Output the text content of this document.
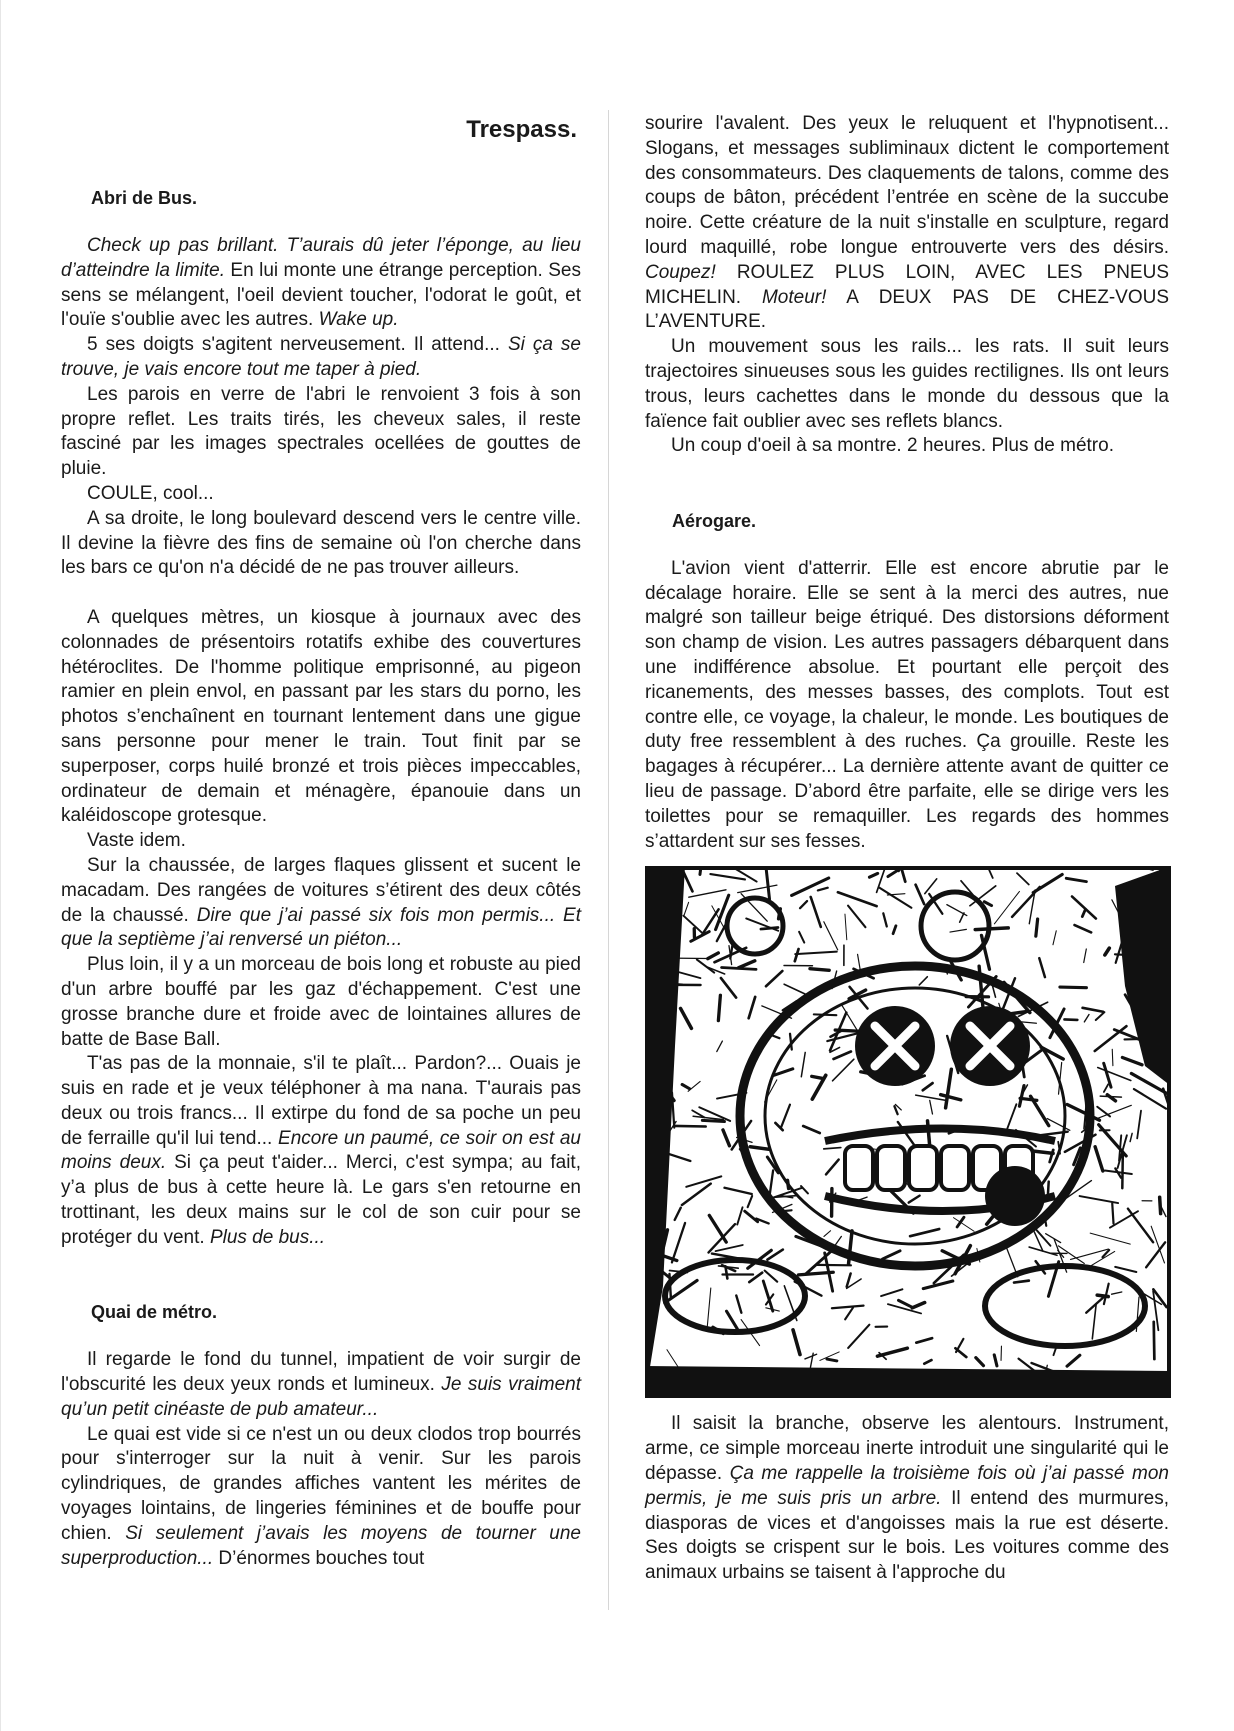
Trespass.
Abri de Bus.

Check up pas brillant. T’aurais dû jeter l’éponge, au lieu d’atteindre la limite. En lui monte une étrange perception. Ses sens se mélangent, l'oeil devient toucher, l'odorat le goût, et l'ouïe s'oublie avec les autres. Wake up.

5 ses doigts s'agitent nerveusement. Il attend... Si ça se trouve, je vais encore tout me taper à pied.

Les parois en verre de l'abri le renvoient 3 fois à son propre reflet. Les traits tirés, les cheveux sales, il reste fasciné par les images spectrales ocellées de gouttes de pluie.

COULE, cool...

A sa droite, le long boulevard descend vers le centre ville. Il devine la fièvre des fins de semaine où l'on cherche dans les bars ce qu'on n'a décidé de ne pas trouver ailleurs.

A quelques mètres, un kiosque à journaux avec des colonnades de présentoirs rotatifs exhibe des couvertures hétéroclites. De l'homme politique emprisonné, au pigeon ramier en plein envol, en passant par les stars du porno, les photos s’enchaînent en tournant lentement dans une gigue sans personne pour mener le train. Tout finit par se superposer, corps huilé bronzé et trois pièces impeccables, ordinateur de demain et ménagère, épanouie dans un kaléidoscope grotesque.

Vaste idem.

Sur la chaussée, de larges flaques glissent et sucent le macadam. Des rangées de voitures s’étirent des deux côtés de la chaussé. Dire que j’ai passé six fois mon permis... Et que la septième j’ai renversé un piéton...

Plus loin, il y a un morceau de bois long et robuste au pied d'un arbre bouffé par les gaz d'échappement. C'est une grosse branche dure et froide avec de lointaines allures de batte de Base Ball.

T'as pas de la monnaie, s'il te plaît... Pardon?... Ouais je suis en rade et je veux téléphoner à ma nana. T'aurais pas deux ou trois francs... Il extirpe du fond de sa poche un peu de ferraille qu'il lui tend... Encore un paumé, ce soir on est au moins deux. Si ça peut t'aider... Merci, c'est sympa; au fait, y’a plus de bus à cette heure là. Le gars s'en retourne en trottinant, les deux mains sur le col de son cuir pour se protéger du vent. Plus de bus...

Quai de métro.

Il regarde le fond du tunnel, impatient de voir surgir de l'obscurité les deux yeux ronds et lumineux. Je suis vraiment qu’un petit cinéaste de pub amateur...

Le quai est vide si ce n'est un ou deux clodos trop bourrés pour s'interroger sur la nuit à venir. Sur les parois cylindriques, de grandes affiches vantent les mérites de voyages lointains, de lingeries féminines et de bouffe pour chien. Si seulement j’avais les moyens de tourner une superproduction... D’énormes bouches tout

sourire l'avalent. Des yeux le reluquent et l'hypnotisent... Slogans, et messages subliminaux dictent le comportement des consommateurs. Des claquements de talons, comme des coups de bâton, précédent l’entrée en scène de la succube noire. Cette créature de la nuit s'installe en sculpture, regard lourd maquillé, robe longue entrouverte vers des désirs. Coupez! ROULEZ PLUS LOIN, AVEC LES PNEUS MICHELIN. Moteur! A DEUX PAS DE CHEZ-VOUS L’AVENTURE.

Un mouvement sous les rails... les rats. Il suit leurs trajectoires sinueuses sous les guides rectilignes. Ils ont leurs trous, leurs cachettes dans le monde du dessous que la faïence fait oublier avec ses reflets blancs.

Un coup d'oeil à sa montre. 2 heures. Plus de métro.

Aérogare.

L'avion vient d'atterrir. Elle est encore abrutie par le décalage horaire. Elle se sent à la merci des autres, nue malgré son tailleur beige étriqué. Des distorsions déforment son champ de vision. Les autres passagers débarquent dans une indifférence absolue. Et pourtant elle perçoit des ricanements, des messes basses, des complots. Tout est contre elle, ce voyage, la chaleur, le monde. Les boutiques de duty free ressemblent à des ruches. Ça grouille. Reste les bagages à récupérer... La dernière attente avant de quitter ce lieu de passage. D’abord être parfaite, elle se dirige vers les toilettes pour se remaquiller. Les regards des hommes s’attardent sur ses fesses.

Il saisit la branche, observe les alentours. Instrument, arme, ce simple morceau inerte introduit une singularité qui le dépasse. Ça me rappelle la troisième fois où j’ai passé mon permis, je me suis pris un arbre. Il entend des murmures, diasporas de vices et d'angoisses mais la rue est déserte. Ses doigts se crispent sur le bois. Les voitures comme des animaux urbains se taisent à l'approche du
